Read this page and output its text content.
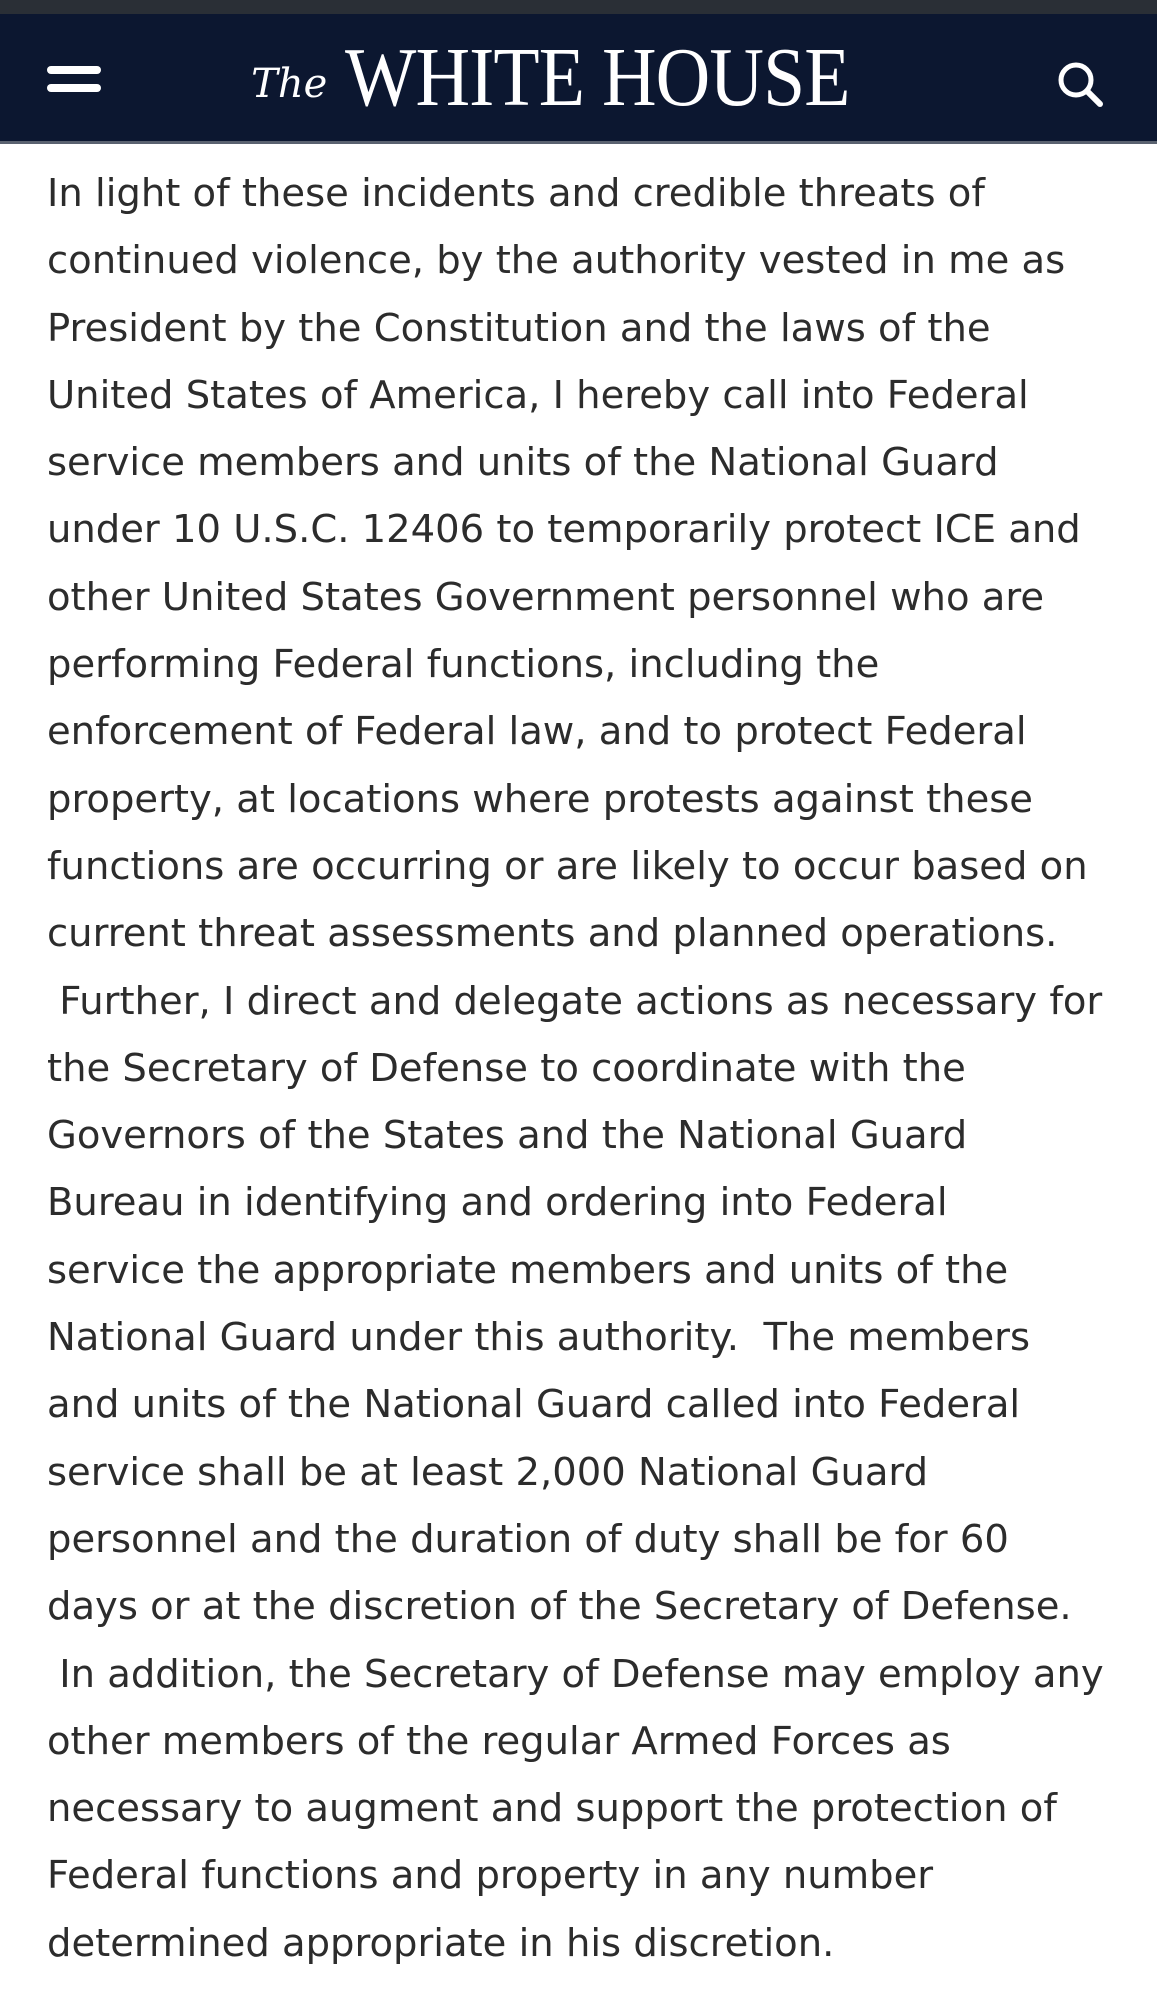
The WHITE HOUSE

In light of these incidents and credible threats of
continued violence, by the authority vested in me as
President by the Constitution and the laws of the
United States of America, I hereby call into Federal
service members and units of the National Guard
under 10 U.S.C. 12406 to temporarily protect ICE and
other United States Government personnel who are
performing Federal functions, including the
enforcement of Federal law, and to protect Federal
property, at locations where protests against these
functions are occurring or are likely to occur based on
current threat assessments and planned operations.
Further, I direct and delegate actions as necessary for
the Secretary of Defense to coordinate with the
Governors of the States and the National Guard
Bureau in identifying and ordering into Federal
service the appropriate members and units of the
National Guard under this authority.  The members
and units of the National Guard called into Federal
service shall be at least 2,000 National Guard
personnel and the duration of duty shall be for 60
days or at the discretion of the Secretary of Defense.
In addition, the Secretary of Defense may employ any
other members of the regular Armed Forces as
necessary to augment and support the protection of
Federal functions and property in any number
determined appropriate in his discretion.
